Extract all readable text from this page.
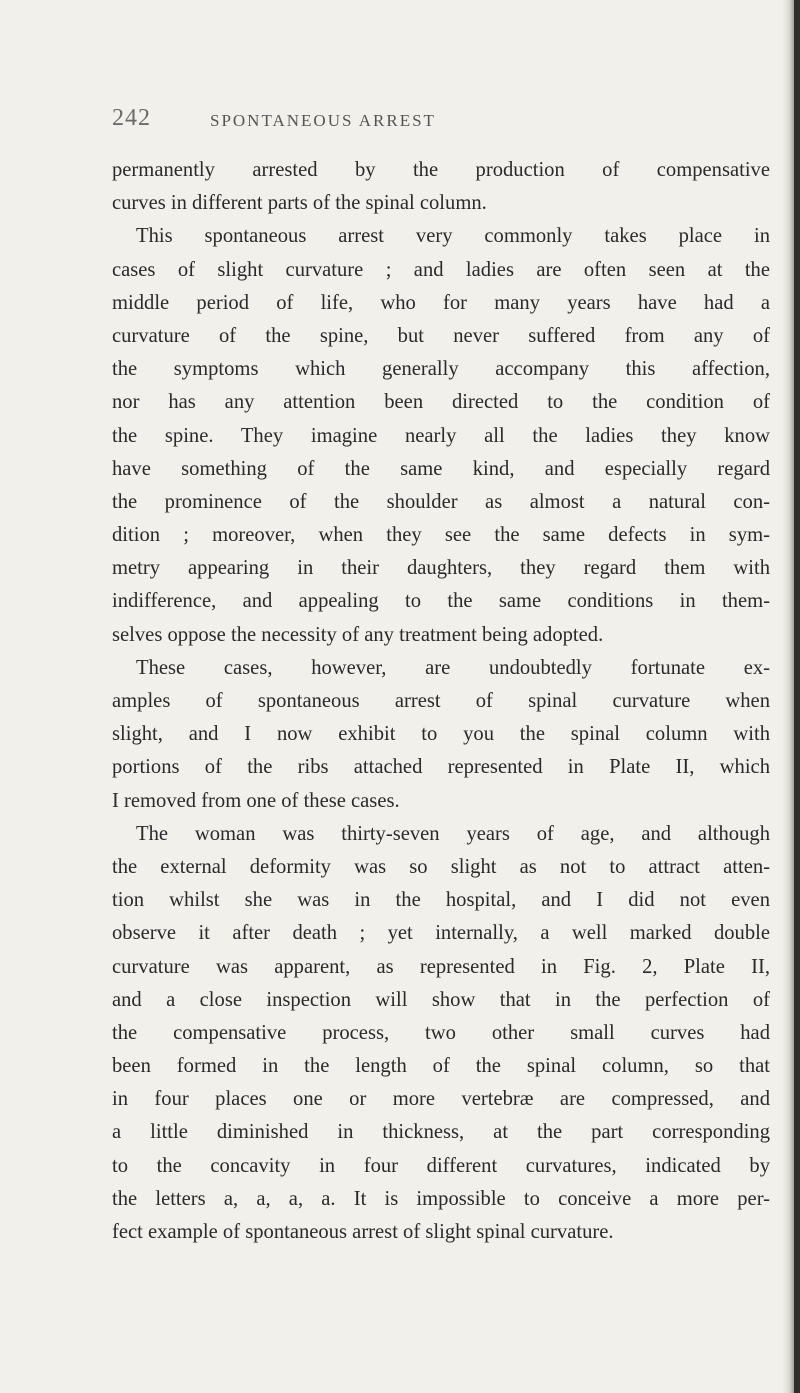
242	SPONTANEOUS ARREST
permanently arrested by the production of compensative
curves in different parts of the spinal column.
This spontaneous arrest very commonly takes place in
cases of slight curvature ; and ladies are often seen at the
middle period of life, who for many years have had a
curvature of the spine, but never suffered from any of
the symptoms which generally accompany this affection,
nor has any attention been directed to the condition of
the spine. They imagine nearly all the ladies they know
have something of the same kind, and especially regard
the prominence of the shoulder as almost a natural con-
dition ; moreover, when they see the same defects in sym-
metry appearing in their daughters, they regard them with
indifference, and appealing to the same conditions in them-
selves oppose the necessity of any treatment being adopted.
These cases, however, are undoubtedly fortunate ex-
amples of spontaneous arrest of spinal curvature when
slight, and I now exhibit to you the spinal column with
portions of the ribs attached represented in Plate II, which
I removed from one of these cases.
The woman was thirty-seven years of age, and although
the external deformity was so slight as not to attract atten-
tion whilst she was in the hospital, and I did not even
observe it after death ; yet internally, a well marked double
curvature was apparent, as represented in Fig. 2, Plate II,
and a close inspection will show that in the perfection of
the compensative process, two other small curves had
been formed in the length of the spinal column, so that
in four places one or more vertebræ are compressed, and
a little diminished in thickness, at the part corresponding
to the concavity in four different curvatures, indicated by
the letters a, a, a, a. It is impossible to conceive a more per-
fect example of spontaneous arrest of slight spinal curvature.
